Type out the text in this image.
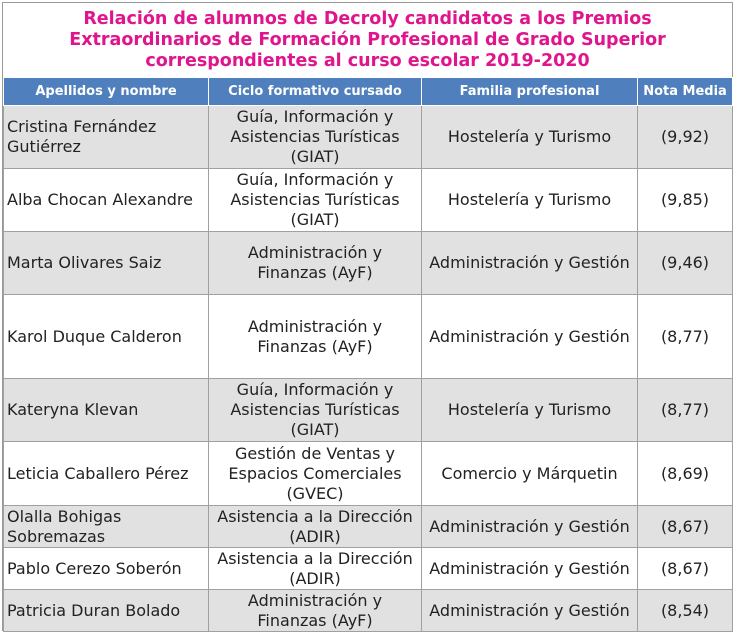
Relación de alumnos de Decroly candidatos a los Premios
Extraordinarios de Formación Profesional de Grado Superior
correspondientes al curso escolar 2019-2020
Apellidos y nombre	Ciclo formativo cursado	Familia profesional	Nota Media
Cristina Fernández Gutiérrez	Guía, Información y Asistencias Turísticas (GIAT)	Hostelería y Turismo	(9,92)
Alba Chocan Alexandre	Guía, Información y Asistencias Turísticas (GIAT)	Hostelería y Turismo	(9,85)
Marta Olivares Saiz	Administración y Finanzas (AyF)	Administración y Gestión	(9,46)
Karol Duque Calderon	Administración y Finanzas (AyF)	Administración y Gestión	(8,77)
Kateryna Klevan	Guía, Información y Asistencias Turísticas (GIAT)	Hostelería y Turismo	(8,77)
Leticia Caballero Pérez	Gestión de Ventas y Espacios Comerciales (GVEC)	Comercio y Márquetin	(8,69)
Olalla Bohigas Sobremazas	Asistencia a la Dirección (ADIR)	Administración y Gestión	(8,67)
Pablo Cerezo Soberón	Asistencia a la Dirección (ADIR)	Administración y Gestión	(8,67)
Patricia Duran Bolado	Administración y Finanzas (AyF)	Administración y Gestión	(8,54)
